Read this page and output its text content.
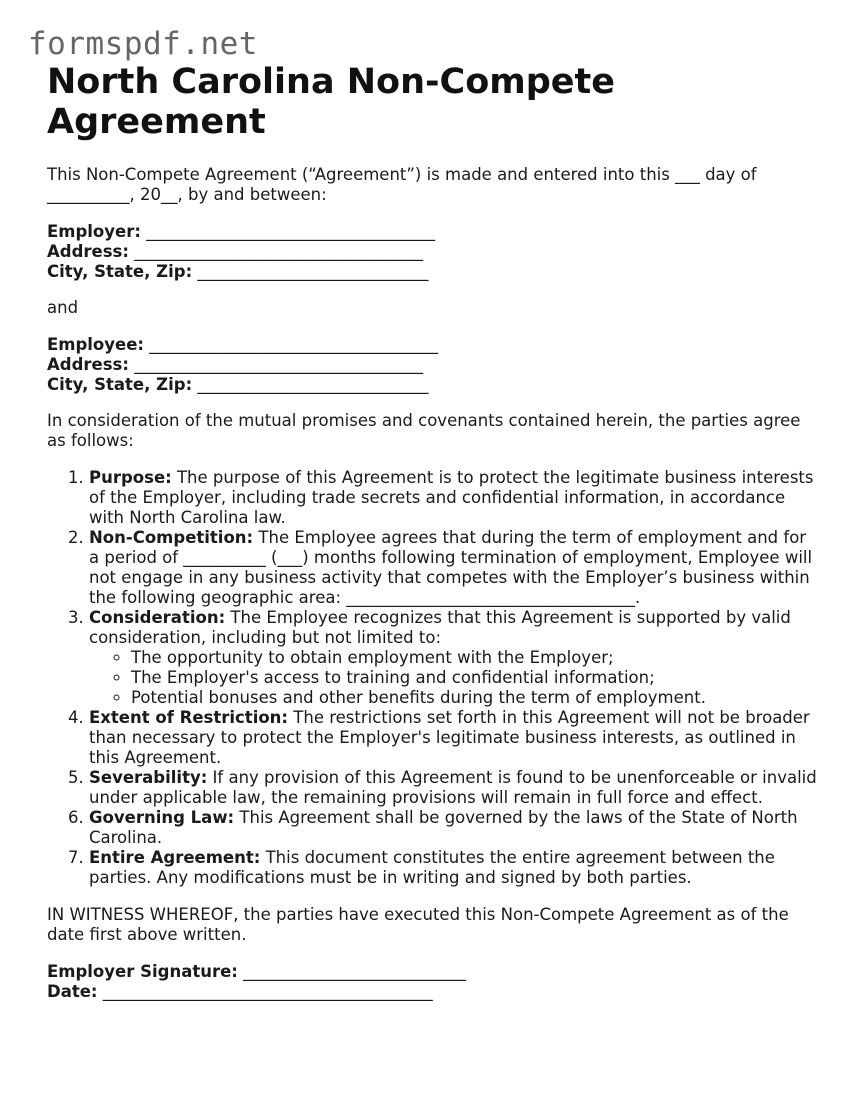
formspdf.net
North Carolina Non-Compete Agreement

This Non-Compete Agreement (“Agreement”) is made and entered into this ___ day of __________, 20__, by and between:

Employer: ___________________________________
Address: ___________________________________
City, State, Zip: ____________________________

and

Employee: ___________________________________
Address: ___________________________________
City, State, Zip: ____________________________

In consideration of the mutual promises and covenants contained herein, the parties agree as follows:

1. Purpose: The purpose of this Agreement is to protect the legitimate business interests of the Employer, including trade secrets and confidential information, in accordance with North Carolina law.
2. Non-Competition: The Employee agrees that during the term of employment and for a period of __________ (___) months following termination of employment, Employee will not engage in any business activity that competes with the Employer’s business within the following geographic area: ___________________________________.
3. Consideration: The Employee recognizes that this Agreement is supported by valid consideration, including but not limited to:
◦ The opportunity to obtain employment with the Employer;
◦ The Employer's access to training and confidential information;
◦ Potential bonuses and other benefits during the term of employment.
4. Extent of Restriction: The restrictions set forth in this Agreement will not be broader than necessary to protect the Employer's legitimate business interests, as outlined in this Agreement.
5. Severability: If any provision of this Agreement is found to be unenforceable or invalid under applicable law, the remaining provisions will remain in full force and effect.
6. Governing Law: This Agreement shall be governed by the laws of the State of North Carolina.
7. Entire Agreement: This document constitutes the entire agreement between the parties. Any modifications must be in writing and signed by both parties.

IN WITNESS WHEREOF, the parties have executed this Non-Compete Agreement as of the date first above written.

Employer Signature: ___________________________
Date: ________________________________________
